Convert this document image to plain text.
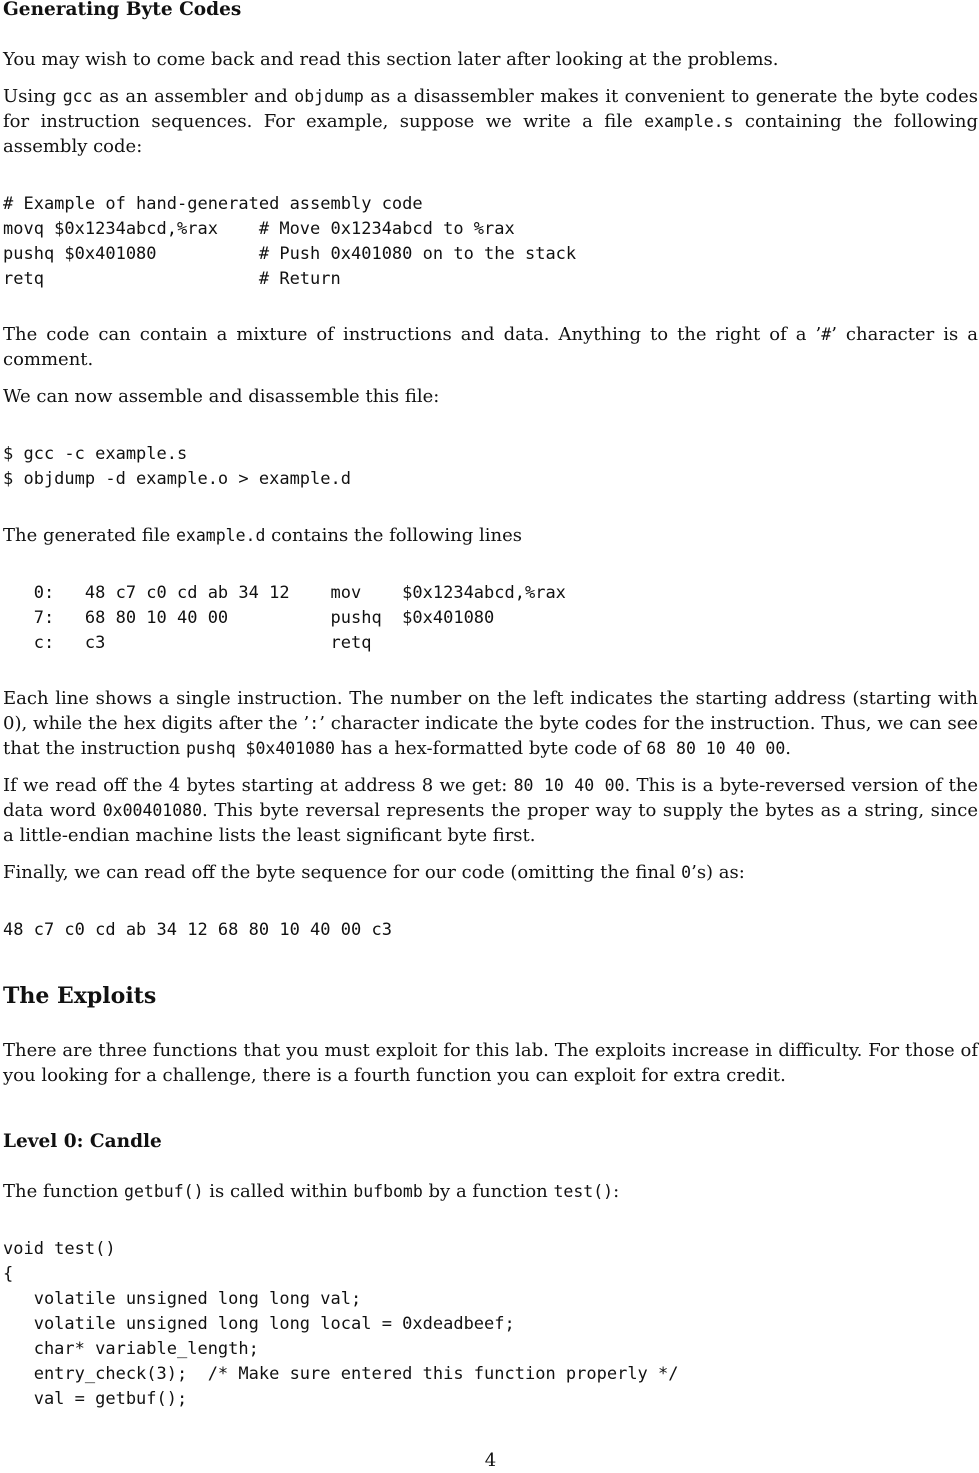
Generating Byte Codes
You may wish to come back and read this section later after looking at the problems.
Using gcc as an assembler and objdump as a disassembler makes it convenient to generate the byte codes for instruction sequences. For example, suppose we write a file example.s containing the following assembly code:
# Example of hand-generated assembly code
movq $0x1234abcd,%rax    # Move 0x1234abcd to %rax
pushq $0x401080          # Push 0x401080 on to the stack
retq                     # Return
The code can contain a mixture of instructions and data. Anything to the right of a ’#’ character is a comment.
We can now assemble and disassemble this file:
$ gcc -c example.s
$ objdump -d example.o > example.d
The generated file example.d contains the following lines
0:   48 c7 c0 cd ab 34 12    mov    $0x1234abcd,%rax
7:   68 80 10 40 00          pushq  $0x401080
c:   c3                      retq
Each line shows a single instruction. The number on the left indicates the starting address (starting with 0), while the hex digits after the ’:’ character indicate the byte codes for the instruction. Thus, we can see that the instruction pushq $0x401080 has a hex-formatted byte code of 68 80 10 40 00.
If we read off the 4 bytes starting at address 8 we get: 80 10 40 00. This is a byte-reversed version of the data word 0x00401080. This byte reversal represents the proper way to supply the bytes as a string, since a little-endian machine lists the least significant byte first.
Finally, we can read off the byte sequence for our code (omitting the final 0’s) as:
48 c7 c0 cd ab 34 12 68 80 10 40 00 c3
The Exploits
There are three functions that you must exploit for this lab. The exploits increase in difficulty. For those of you looking for a challenge, there is a fourth function you can exploit for extra credit.
Level 0: Candle
The function getbuf() is called within bufbomb by a function test():
void test()
{
volatile unsigned long long val;
volatile unsigned long long local = 0xdeadbeef;
char* variable_length;
entry_check(3);  /* Make sure entered this function properly */
val = getbuf();
4
